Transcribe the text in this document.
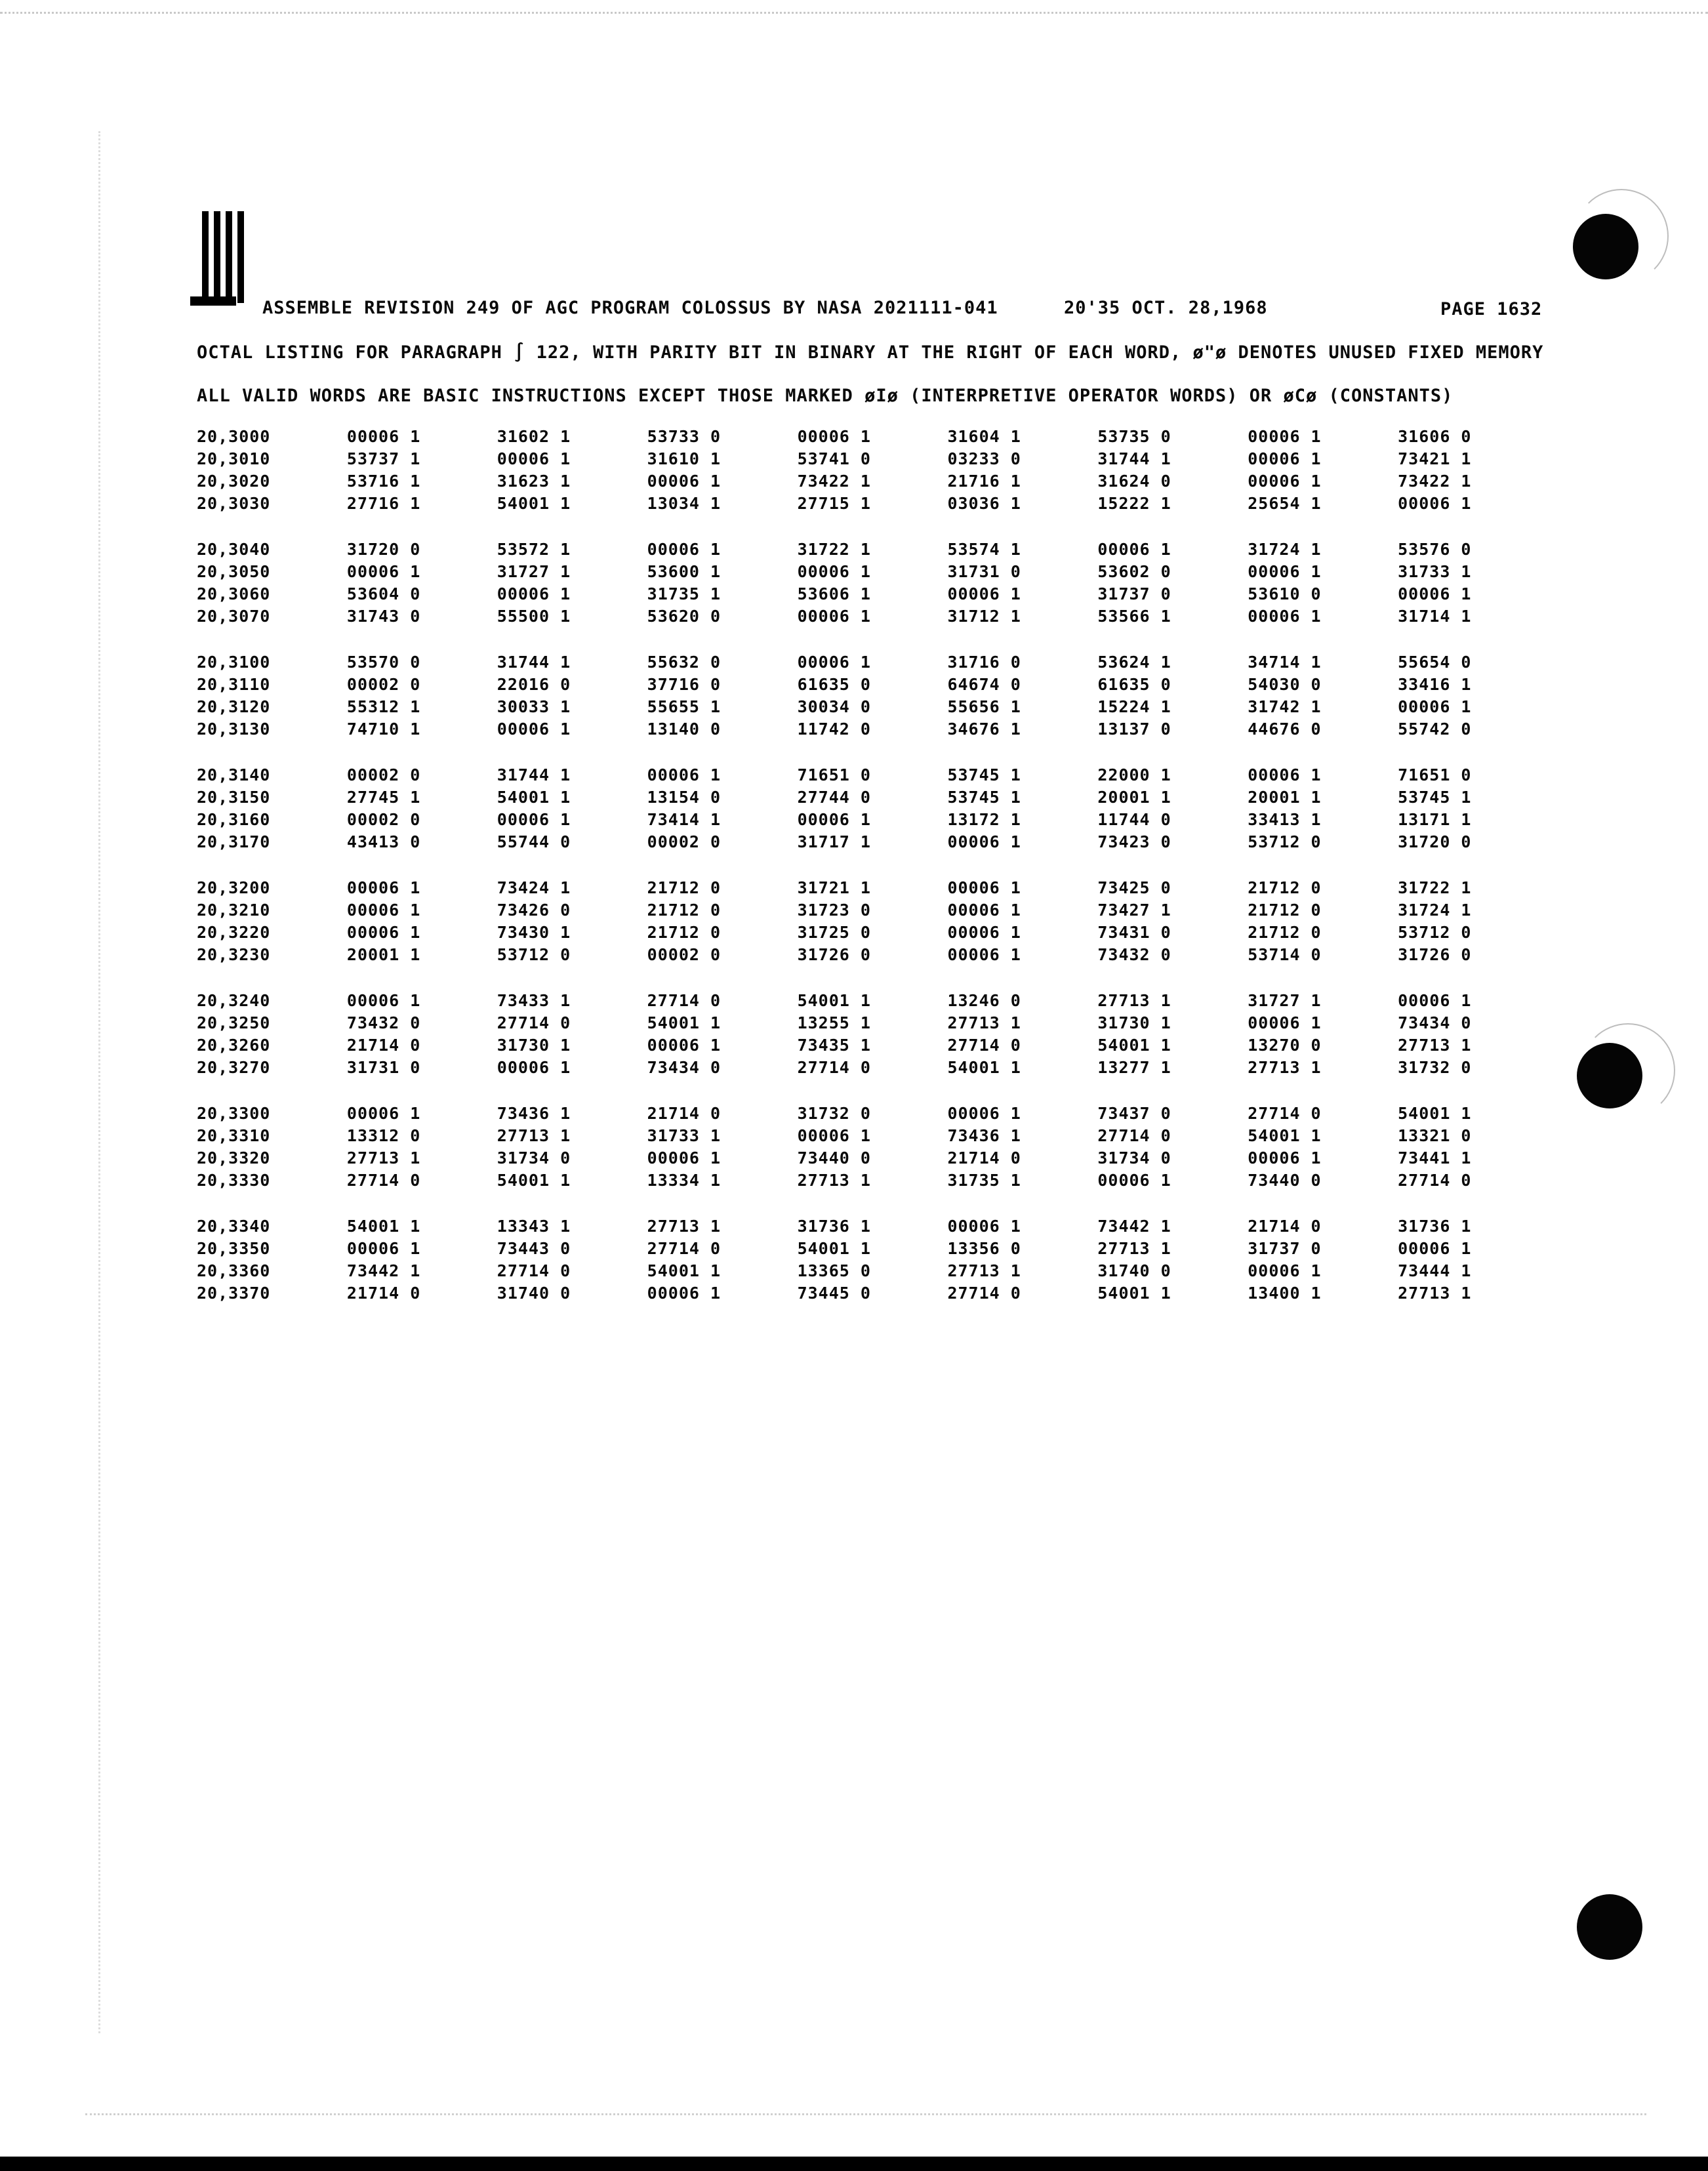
ASSEMBLE REVISION 249 OF AGC PROGRAM COLOSSUS BY NASA 2021111-041	20'35 OCT. 28,1968	PAGE 1632
OCTAL LISTING FOR PARAGRAPH ∫ 122, WITH PARITY BIT IN BINARY AT THE RIGHT OF EACH WORD, ø"ø DENOTES UNUSED FIXED MEMORY
ALL VALID WORDS ARE BASIC INSTRUCTIONS EXCEPT THOSE MARKED øIø (INTERPRETIVE OPERATOR WORDS) OR øCø (CONSTANTS)
20,3000	00006 1	31602 1	53733 0	00006 1	31604 1	53735 0	00006 1	31606 0
20,3010	53737 1	00006 1	31610 1	53741 0	03233 0	31744 1	00006 1	73421 1
20,3020	53716 1	31623 1	00006 1	73422 1	21716 1	31624 0	00006 1	73422 1
20,3030	27716 1	54001 1	13034 1	27715 1	03036 1	15222 1	25654 1	00006 1
20,3040	31720 0	53572 1	00006 1	31722 1	53574 1	00006 1	31724 1	53576 0
20,3050	00006 1	31727 1	53600 1	00006 1	31731 0	53602 0	00006 1	31733 1
20,3060	53604 0	00006 1	31735 1	53606 1	00006 1	31737 0	53610 0	00006 1
20,3070	31743 0	55500 1	53620 0	00006 1	31712 1	53566 1	00006 1	31714 1
20,3100	53570 0	31744 1	55632 0	00006 1	31716 0	53624 1	34714 1	55654 0
20,3110	00002 0	22016 0	37716 0	61635 0	64674 0	61635 0	54030 0	33416 1
20,3120	55312 1	30033 1	55655 1	30034 0	55656 1	15224 1	31742 1	00006 1
20,3130	74710 1	00006 1	13140 0	11742 0	34676 1	13137 0	44676 0	55742 0
20,3140	00002 0	31744 1	00006 1	71651 0	53745 1	22000 1	00006 1	71651 0
20,3150	27745 1	54001 1	13154 0	27744 0	53745 1	20001 1	20001 1	53745 1
20,3160	00002 0	00006 1	73414 1	00006 1	13172 1	11744 0	33413 1	13171 1
20,3170	43413 0	55744 0	00002 0	31717 1	00006 1	73423 0	53712 0	31720 0
20,3200	00006 1	73424 1	21712 0	31721 1	00006 1	73425 0	21712 0	31722 1
20,3210	00006 1	73426 0	21712 0	31723 0	00006 1	73427 1	21712 0	31724 1
20,3220	00006 1	73430 1	21712 0	31725 0	00006 1	73431 0	21712 0	53712 0
20,3230	20001 1	53712 0	00002 0	31726 0	00006 1	73432 0	53714 0	31726 0
20,3240	00006 1	73433 1	27714 0	54001 1	13246 0	27713 1	31727 1	00006 1
20,3250	73432 0	27714 0	54001 1	13255 1	27713 1	31730 1	00006 1	73434 0
20,3260	21714 0	31730 1	00006 1	73435 1	27714 0	54001 1	13270 0	27713 1
20,3270	31731 0	00006 1	73434 0	27714 0	54001 1	13277 1	27713 1	31732 0
20,3300	00006 1	73436 1	21714 0	31732 0	00006 1	73437 0	27714 0	54001 1
20,3310	13312 0	27713 1	31733 1	00006 1	73436 1	27714 0	54001 1	13321 0
20,3320	27713 1	31734 0	00006 1	73440 0	21714 0	31734 0	00006 1	73441 1
20,3330	27714 0	54001 1	13334 1	27713 1	31735 1	00006 1	73440 0	27714 0
20,3340	54001 1	13343 1	27713 1	31736 1	00006 1	73442 1	21714 0	31736 1
20,3350	00006 1	73443 0	27714 0	54001 1	13356 0	27713 1	31737 0	00006 1
20,3360	73442 1	27714 0	54001 1	13365 0	27713 1	31740 0	00006 1	73444 1
20,3370	21714 0	31740 0	00006 1	73445 0	27714 0	54001 1	13400 1	27713 1
